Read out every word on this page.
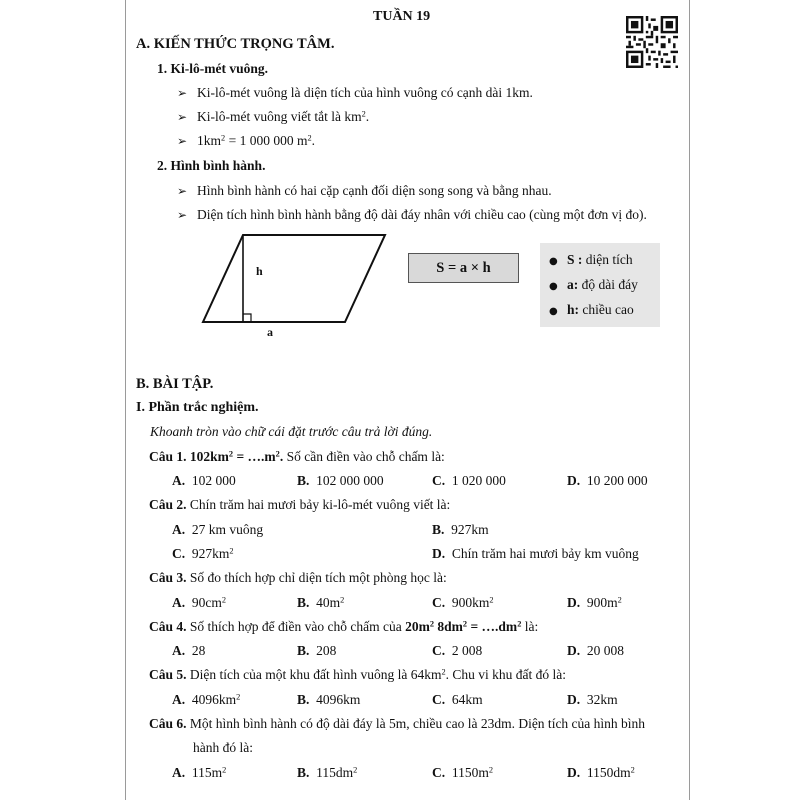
TUẦN 19
A. KIẾN THỨC TRỌNG TÂM.
1. Ki-lô-mét vuông.
➢ Ki-lô-mét vuông là diện tích của hình vuông có cạnh dài 1km.
➢ Ki-lô-mét vuông viết tắt là $km^2$.
➢ $1km^2 = 1$ 000 000 $m^2$.
2. Hình bình hành.
➢ Hình bình hành có hai cặp cạnh đối diện song song và bằng nhau.
➢ Diện tích hình bình hành bằng độ dài đáy nhân với chiều cao (cùng một đơn vị đo).
h
a
S = a × h	● S : diện tích
● a: độ dài đáy
● h: chiều cao
B. BÀI TẬP.
I. Phần trắc nghiệm.
Khoanh tròn vào chữ cái đặt trước câu trả lời đúng.
Câu 1. $102km^2$ = $\dots.m^2$. Số cần điền vào chỗ chấm là:
A. 102 000	B. 102 000 000	C. 1 020 000	D. 10 200 000
Câu 2. Chín trăm hai mươi bảy ki-lô-mét vuông viết là:
A. 27 km vuông	B. 927km
C. $927km^2$	D. Chín trăm hai mươi bảy km vuông
Câu 3. Số đo thích hợp chỉ diện tích một phòng học là:
A. $90cm^2$	B. $40m^2$	C. $900km^2$	D. $900m^2$
Câu 4. Số thích hợp để điền vào chỗ chấm của $20m^2$ $8dm^2$ = $\dots.dm^2$ là:
A. 28	B. 208	C. 2 008	D. 20 008
Câu 5. Diện tích của một khu đất hình vuông là $64km^2$. Chu vi khu đất đó là:
A. $4096km^2$	B. 4096km	C. 64km	D. 32km
Câu 6. Một hình bình hành có độ dài đáy là 5m, chiều cao là 23dm. Diện tích của hình bình
hành đó là:
A. $115m^2$	B. $115dm^2$	C. $1150m^2$	D. $1150dm^2$
